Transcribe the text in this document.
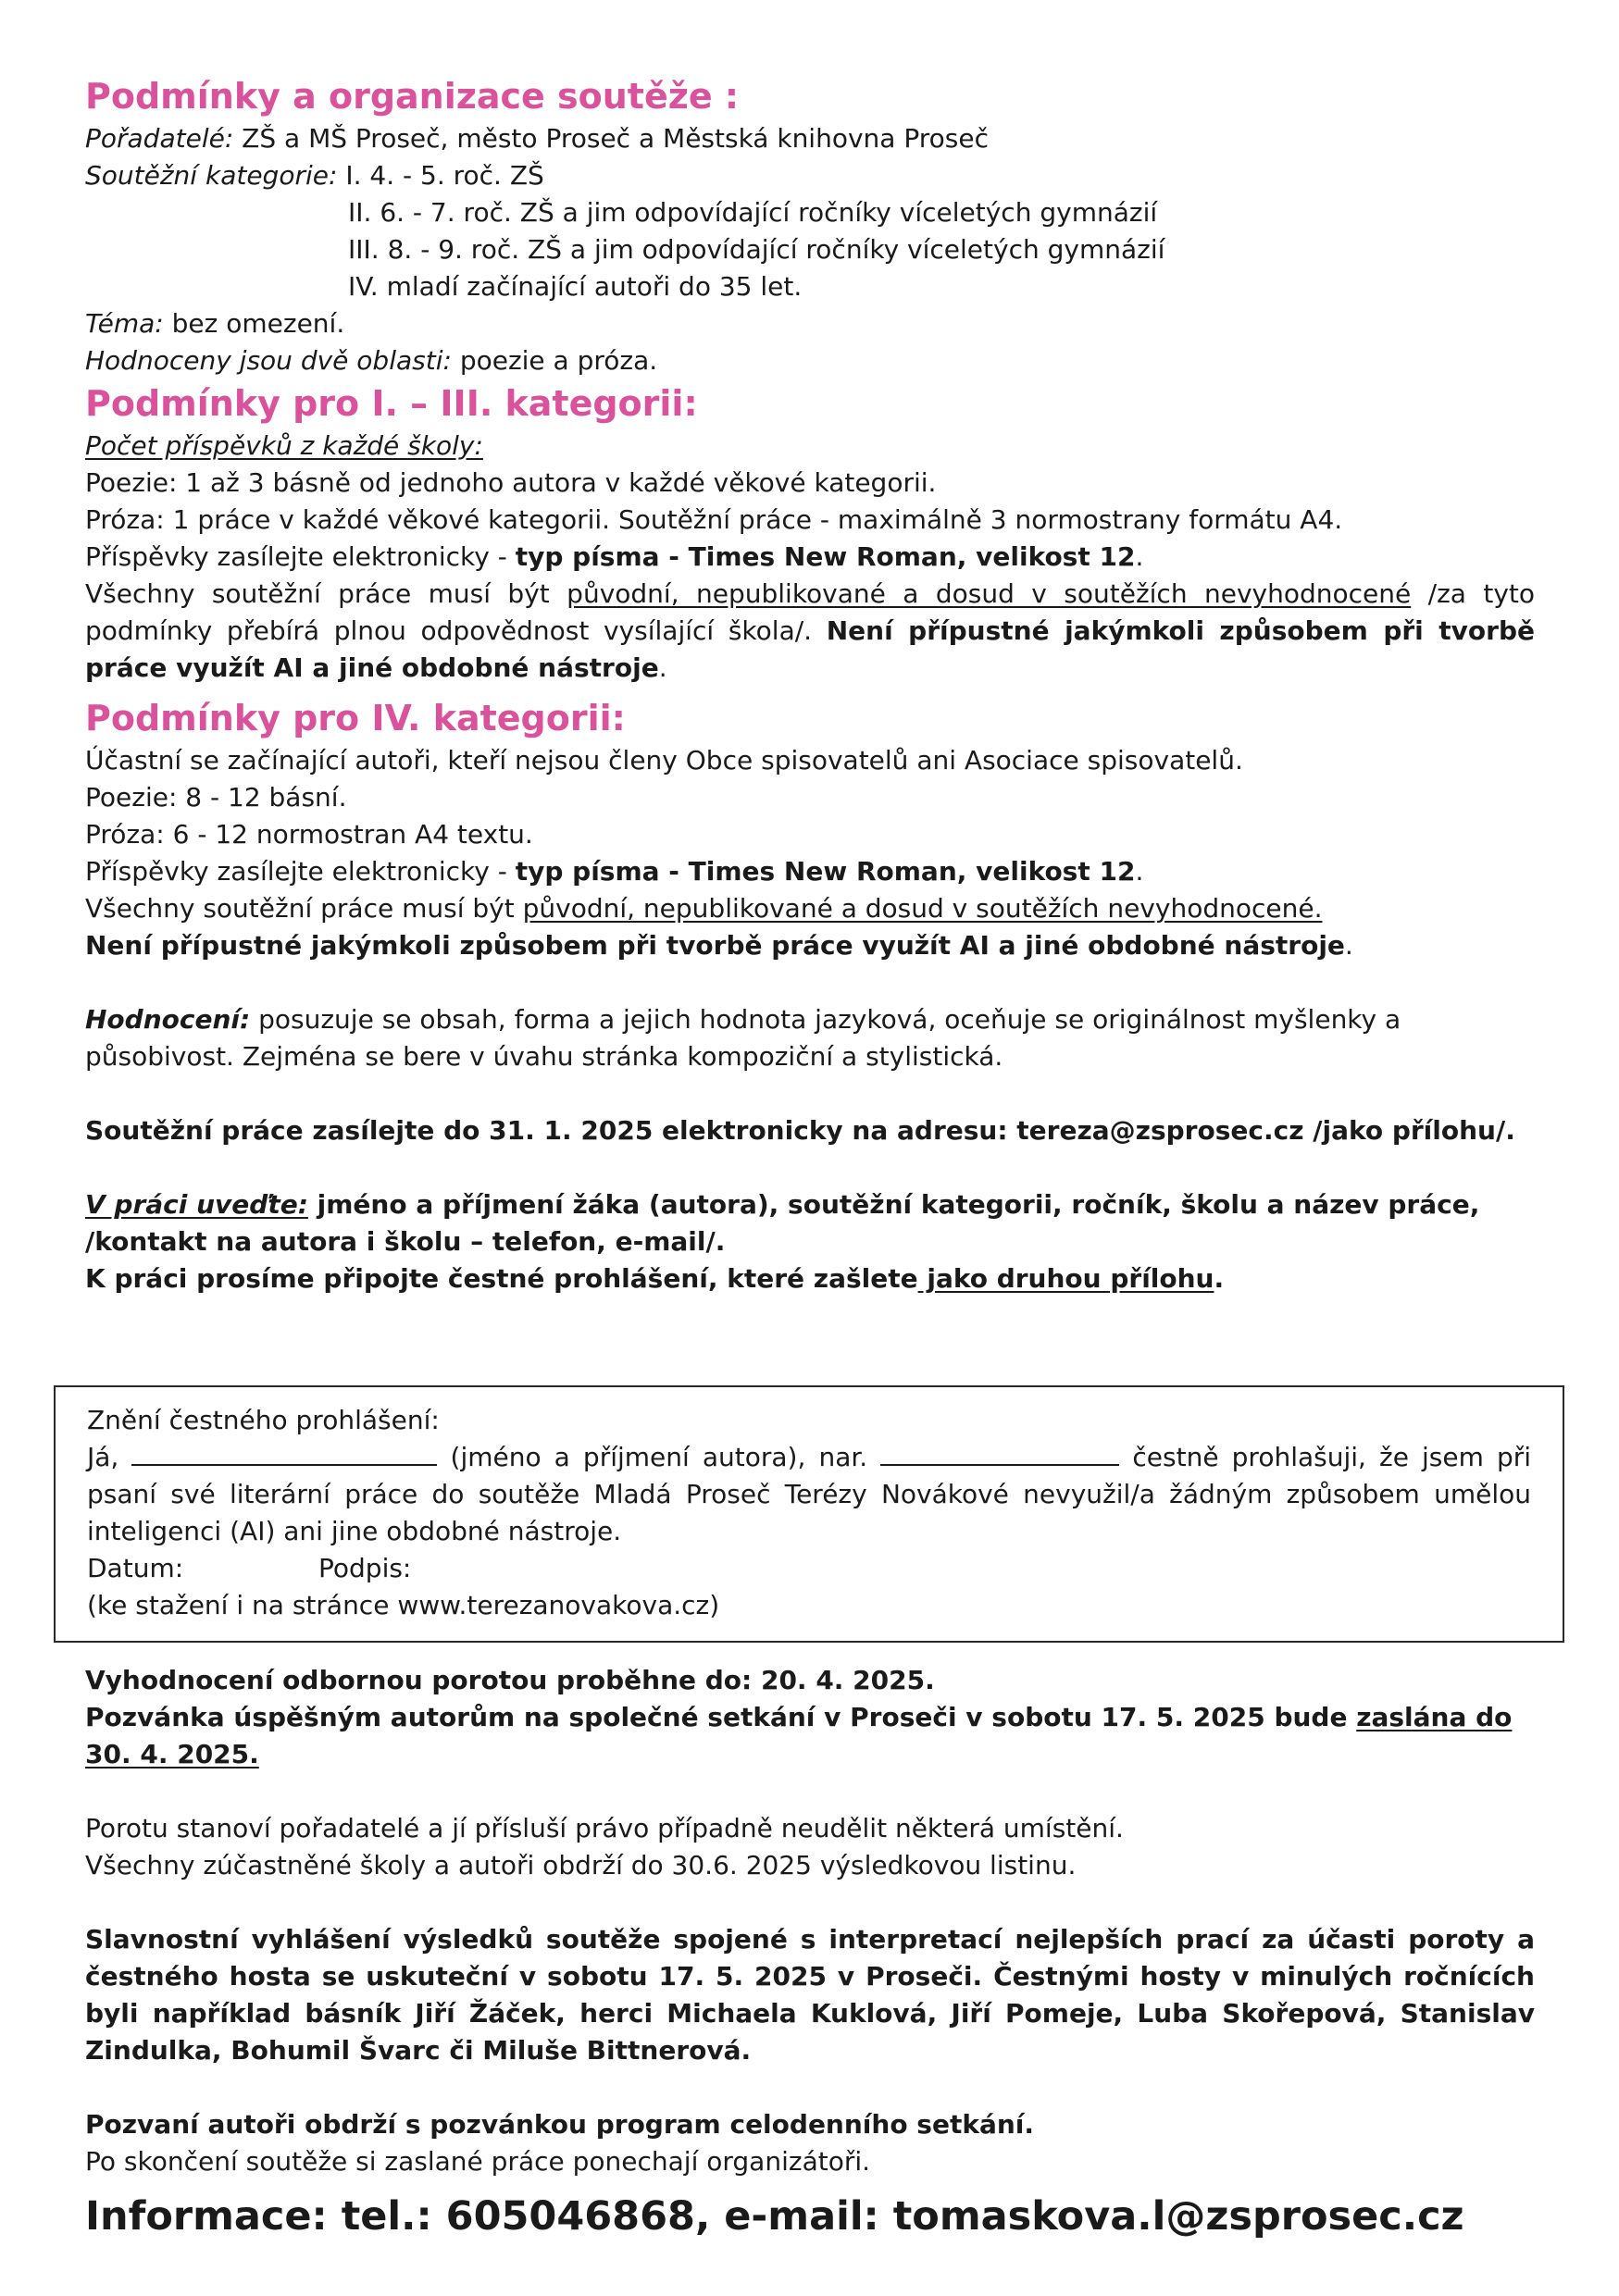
Podmínky a organizace soutěže :

Pořadatelé: ZŠ a MŠ Proseč, město Proseč a Městská knihovna Proseč

Soutěžní kategorie: I. 4. - 5. roč. ZŠ

II. 6. - 7. roč. ZŠ a jim odpovídající ročníky víceletých gymnázií

III. 8. - 9. roč. ZŠ a jim odpovídající ročníky víceletých gymnázií

IV. mladí začínající autoři do 35 let.

Téma: bez omezení.

Hodnoceny jsou dvě oblasti: poezie a próza.

Podmínky pro I. – III. kategorii:

Počet příspěvků z každé školy:

Poezie: 1 až 3 básně od jednoho autora v každé věkové kategorii.

Próza: 1 práce v každé věkové kategorii. Soutěžní práce - maximálně 3 normostrany formátu A4.

Příspěvky zasílejte elektronicky - typ písma - Times New Roman, velikost 12.

Všechny soutěžní práce musí být původní, nepublikované a dosud v soutěžích nevyhodnocené /za tyto podmínky přebírá plnou odpovědnost vysílající škola/. Není přípustné jakýmkoli způsobem při tvorbě práce využít AI a jiné obdobné nástroje.

Podmínky pro IV. kategorii:

Účastní se začínající autoři, kteří nejsou členy Obce spisovatelů ani Asociace spisovatelů.

Poezie: 8 - 12 básní.

Próza: 6 - 12 normostran A4 textu.

Příspěvky zasílejte elektronicky - typ písma - Times New Roman, velikost 12.

Všechny soutěžní práce musí být původní, nepublikované a dosud v soutěžích nevyhodnocené.

Není přípustné jakýmkoli způsobem při tvorbě práce využít AI a jiné obdobné nástroje.

Hodnocení: posuzuje se obsah, forma a jejich hodnota jazyková, oceňuje se originálnost myšlenky a působivost. Zejména se bere v úvahu stránka kompoziční a stylistická.

Soutěžní práce zasílejte do 31. 1. 2025 elektronicky na adresu: tereza@zsprosec.cz /jako přílohu/.

V práci uveďte: jméno a příjmení žáka (autora), soutěžní kategorii, ročník, školu a název práce, /kontakt na autora i školu – telefon, e-mail/.

K práci prosíme připojte čestné prohlášení, které zašlete jako druhou přílohu.

Znění čestného prohlášení:

Já,	(jméno a příjmení autora), nar.	čestně prohlašuji, že jsem při psaní své literární práce do soutěže Mladá Proseč Terézy Novákové nevyužil/a žádným způsobem umělou inteligenci (AI) ani jine obdobné nástroje.

Datum:	Podpis:

(ke stažení i na stránce www.terezanovakova.cz)

Vyhodnocení odbornou porotou proběhne do: 20. 4. 2025.

Pozvánka úspěšným autorům na společné setkání v Proseči v sobotu 17. 5. 2025 bude zaslána do 30. 4. 2025.

Porotu stanoví pořadatelé a jí přísluší právo případně neudělit některá umístění.

Všechny zúčastněné školy a autoři obdrží do 30.6. 2025 výsledkovou listinu.

Slavnostní vyhlášení výsledků soutěže spojené s interpretací nejlepších prací za účasti poroty a čestného hosta se uskuteční v sobotu 17. 5. 2025 v Proseči. Čestnými hosty v minulých ročnících byli například básník Jiří Žáček, herci Michaela Kuklová, Jiří Pomeje, Luba Skořepová, Stanislav Zindulka, Bohumil Švarc či Miluše Bittnerová.

Pozvaní autoři obdrží s pozvánkou program celodenního setkání.

Po skončení soutěže si zaslané práce ponechají organizátoři.

Informace: tel.: 605046868, e-mail: tomaskova.l@zsprosec.cz
